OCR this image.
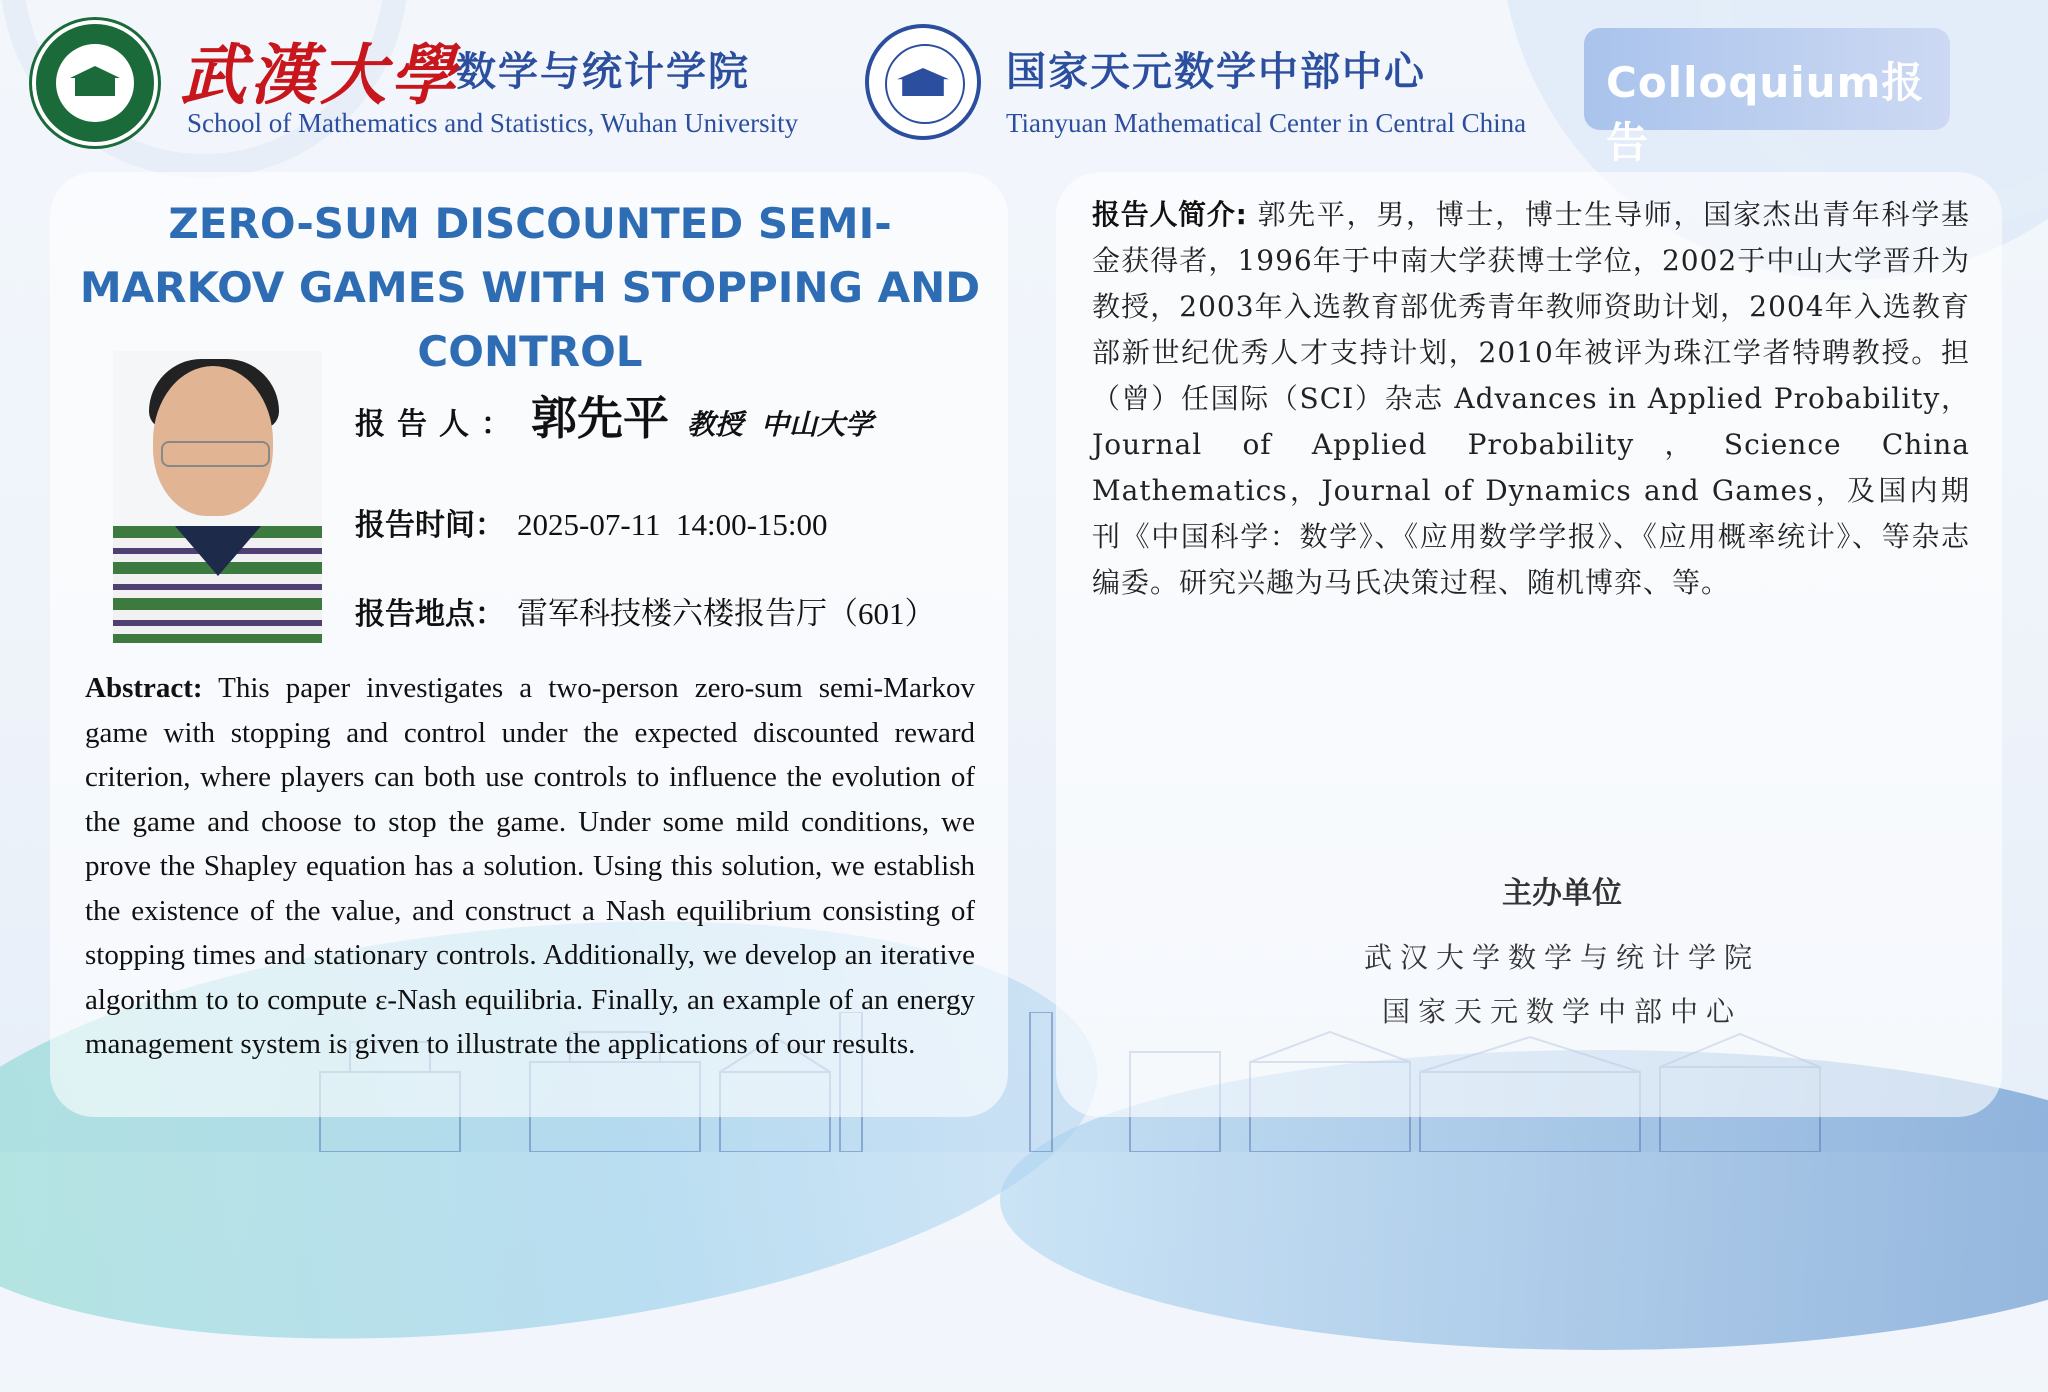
武漢大學
数学与统计学院
School of Mathematics and Statistics, Wuhan University
国家天元数学中部中心
Tianyuan Mathematical Center in Central China
Colloquium报告
ZERO-SUM DISCOUNTED SEMI-MARKOV GAMES WITH STOPPING AND CONTROL
报告人： 郭先平 教授 中山大学
报告时间： 2025-07-11  14:00-15:00
报告地点： 雷军科技楼六楼报告厅（601）
Abstract: This paper investigates a two-person zero-sum semi-Markov game with stopping and control under the expected discounted reward criterion, where players can both use controls to influence the evolution of the game and choose to stop the game. Under some mild conditions, we prove the Shapley equation has a solution. Using this solution, we establish the existence of the value, and construct a Nash equilibrium consisting of stopping times and stationary controls. Additionally, we develop an iterative algorithm to to compute ε-Nash equilibria. Finally, an example of an energy management system is given to illustrate the applications of our results.
报告人简介: 郭先平，男，博士，博士生导师，国家杰出青年科学基金获得者，1996年于中南大学获博士学位，2002于中山大学晋升为教授，2003年入选教育部优秀青年教师资助计划，2004年入选教育部新世纪优秀人才支持计划，2010年被评为珠江学者特聘教授。担（曾）任国际（SCI）杂志 Advances in Applied Probability，Journal of Applied Probability，Science China Mathematics，Journal of Dynamics and Games，及国内期刊《中国科学：数学》、《应用数学学报》、《应用概率统计》、等杂志编委。研究兴趣为马氏决策过程、随机博弈、等。
主办单位
武汉大学数学与统计学院
国家天元数学中部中心
